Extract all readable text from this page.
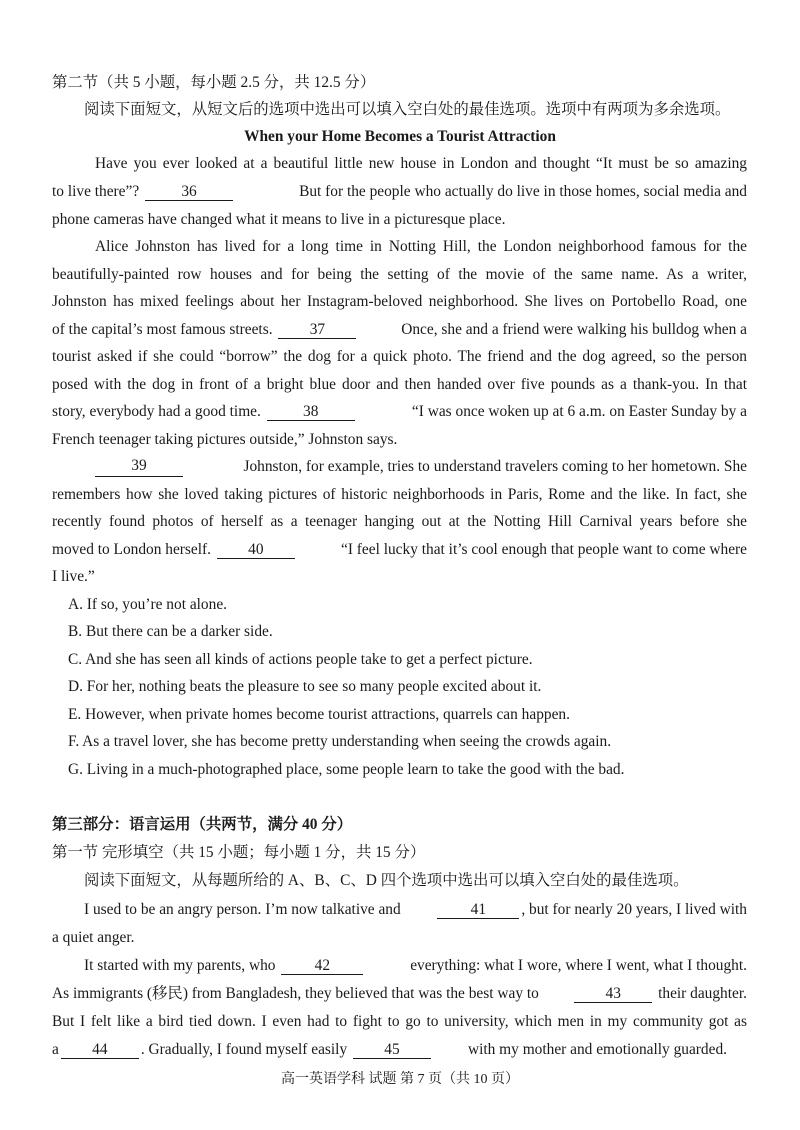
第二节（共 5 小题，每小题 2.5 分，共 12.5 分）
阅读下面短文，从短文后的选项中选出可以填入空白处的最佳选项。选项中有两项为多余选项。
When your Home Becomes a Tourist Attraction
Have you ever looked at a beautiful little new house in London and thought “It must be so amazing
to live there”?	36	But for the people who actually do live in those homes, social media and
phone cameras have changed what it means to live in a picturesque place.
Alice Johnston has lived for a long time in Notting Hill, the London neighborhood famous for the
beautifully-painted row houses and for being the setting of the movie of the same name. As a writer,
Johnston has mixed feelings about her Instagram-beloved neighborhood. She lives on Portobello Road, one
of the capital’s most famous streets. 37	Once, she and a friend were walking his bulldog when a
tourist asked if she could “borrow” the dog for a quick photo. The friend and the dog agreed, so the person
posed with the dog in front of a bright blue door and then handed over five pounds as a thank-you. In that
story, everybody had a good time.	38	“I was once woken up at 6 a.m. on Easter Sunday by a
French teenager taking pictures outside,” Johnston says.
39	Johnston, for example, tries to understand travelers coming to her hometown. She
remembers how she loved taking pictures of historic neighborhoods in Paris, Rome and the like. In fact, she
recently found photos of herself as a teenager hanging out at the Notting Hill Carnival years before she
moved to London herself. 40	“I feel lucky that it’s cool enough that people want to come where
I live.”
A. If so, you’re not alone.
B. But there can be a darker side.
C. And she has seen all kinds of actions people take to get a perfect picture.
D. For her, nothing beats the pleasure to see so many people excited about it.
E. However, when private homes become tourist attractions, quarrels can happen.
F. As a travel lover, she has become pretty understanding when seeing the crowds again.
G. Living in a much-photographed place, some people learn to take the good with the bad.
第三部分：语言运用（共两节，满分 40 分）
第一节 完形填空（共 15 小题；每小题 1 分，共 15 分）
阅读下面短文，从每题所给的 A、B、C、D 四个选项中选出可以填入空白处的最佳选项。
I used to be an angry person. I’m now talkative and	41 , but for nearly 20 years, I lived with
a quiet anger.
It started with my parents, who	42	everything: what I wore, where I went, what I thought.
As immigrants (移民) from Bangladesh, they believed that was the best way to	43 their daughter.
But I felt like a bird tied down. I even had to fight to go to university, which men in my community got as
a 44 . Gradually, I found myself easily 45	with my mother and emotionally guarded.
高一英语学科 试题 第 7 页（共 10 页）
